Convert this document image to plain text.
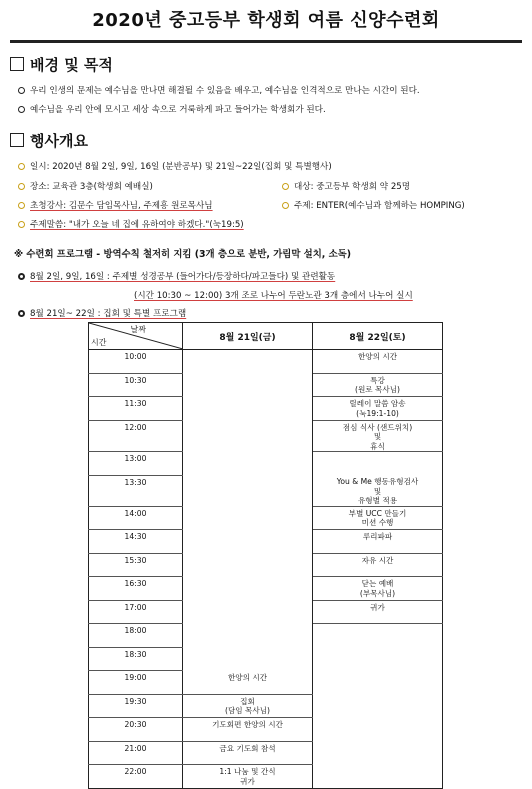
2020년 중고등부 학생회 여름 신양수련회
배경 및 목적
우리 인생의 문제는 예수님을 만나면 해결될 수 있음을 배우고, 예수님을 인격적으로 만나는 시간이 된다.
예수님을 우리 안에 모시고 세상 속으로 거룩하게 파고 들어가는 학생회가 된다.
행사개요
일시: 2020년 8월 2일, 9일, 16일 (분반공부) 및 21일~22일(집회 및 특별행사)
장소: 교육관 3층(학생회 예배실)	대상: 중고등부 학생회 약 25명
초청강사: 김문수 담임목사님, 주제흥 원로목사님	주제: ENTER(예수님과 함께하는 HOMPING)
주제말씀: "내가 오늘 네 집에 유하여야 하겠다."(눅19:5)
※ 수련회 프로그램 - 방역수칙 철저히 지킴 (3개 층으로 분반, 가림막 설치, 소독)
8월 2일, 9일, 16일 : 주제별 성경공부 (들어가다/등장하다/파고들다) 및 관련활동
(시간 10:30 ~ 12:00) 3개 조로 나누어 두란노관 3개 층에서 나누어 실시
8월 21일~ 22일 : 집회 및 특별 프로그램
날짜
시간	8월 21일(금)	8월 22일(토)

10:00		한양의 시간

10:30		특강
(원로 목사님)

11:30		릴레이 말씀 암송
(눅19:1-10)

12:00		점심 식사 (샌드위치)
및
휴식

13:00		

13:30		You & Me 행동유형검사
및
유형별 적용

14:00		부별 UCC 만들기
미션 수행

14:30		루리파파

15:30		자유 시간

16:30		닫는 예배
(부목사님)

17:00		귀가

18:00		

18:30		

19:00	한양의 시간	

19:30	집회
(담임 목사님)	

20:30	기도회편 한양의 시간	

21:00	금요 기도회 참석	

22:00	1:1 나눔 및 간식
귀가	
